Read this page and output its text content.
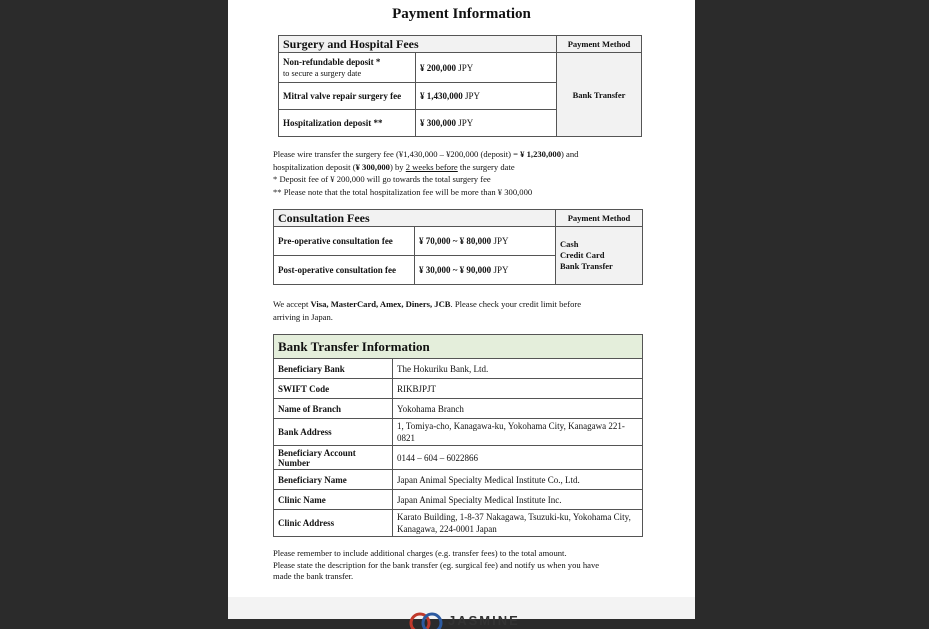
Payment Information
Surgery and Hospital Fees		Payment Method

Non-refundable deposit *
to secure a surgery date	¥ 200,000 JPY	Bank Transfer
Mitral valve repair surgery fee	¥ 1,430,000 JPY	
Hospitalization deposit **	¥ 300,000 JPY	

Please wire transfer the surgery fee (¥1,430,000 – ¥200,000 (deposit) = ¥ 1,230,000) and

hospitalization deposit (¥ 300,000) by 2 weeks before the surgery date

* Deposit fee of ¥ 200,000 will go towards the total surgery fee

** Please note that the total hospitalization fee will be more than ¥ 300,000

Consultation Fees		Payment Method
Pre-operative consultation fee	¥ 70,000 ~ ¥ 80,000 JPY	Cash
Credit Card
Bank Transfer

Post-operative consultation fee	¥ 30,000 ~ ¥ 90,000 JPY	

We accept Visa, MasterCard, Amex, Diners, JCB. Please check your credit limit before

arriving in Japan.

Bank Transfer Information	
Beneficiary Bank	The Hokuriku Bank, Ltd.
SWIFT Code	RIKBJPJT
Name of Branch	Yokohama Branch
Bank Address	1, Tomiya-cho, Kanagawa-ku, Yokohama City, Kanagawa 221-0821
Beneficiary Account Number	0144 – 604 – 6022866
Beneficiary Name	Japan Animal Specialty Medical Institute Co., Ltd.
Clinic Name	Japan Animal Specialty Medical Institute Inc.
Clinic Address	Karato Building, 1-8-37 Nakagawa, Tsuzuki-ku, Yokohama City, Kanagawa, 224-0001 Japan

Please remember to include additional charges (e.g. transfer fees) to the total amount.

Please state the description for the bank transfer (eg. surgical fee) and notify us when you have

made the bank transfer.

JASMINE
